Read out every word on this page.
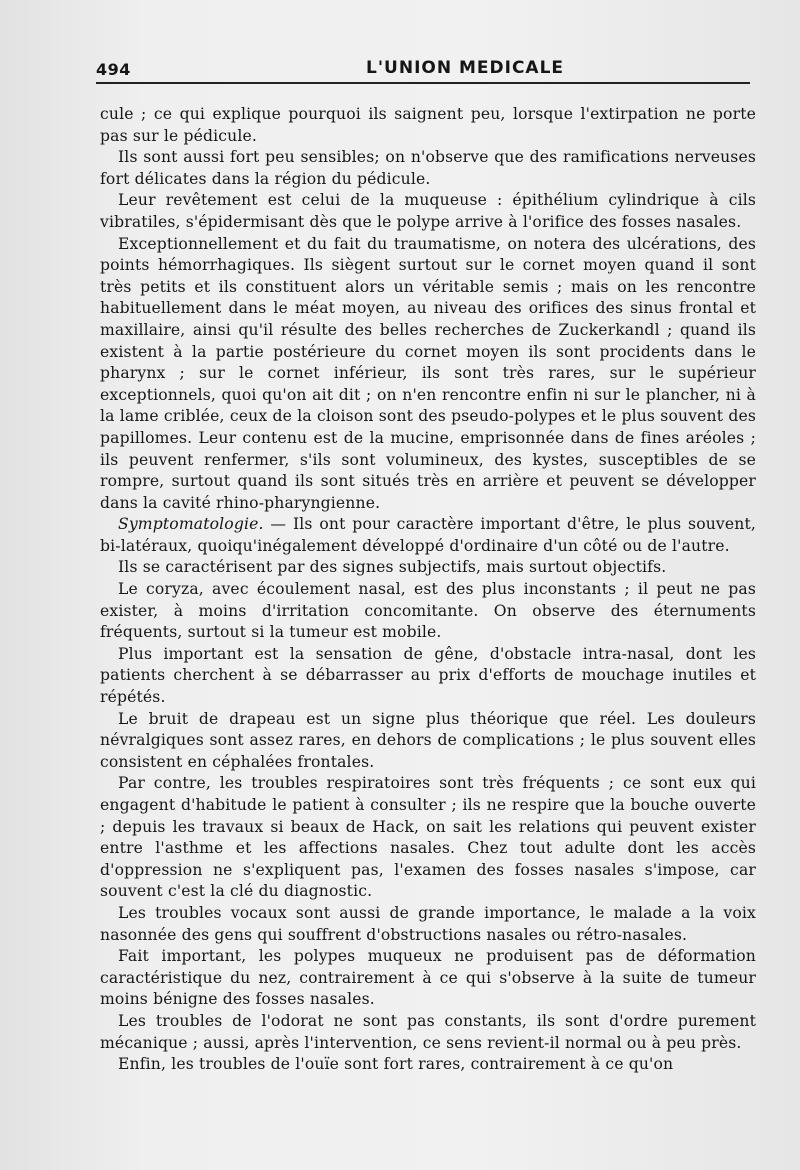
494	L'UNION MEDICALE

cule ; ce qui explique pourquoi ils saignent peu, lorsque l'extirpation ne porte pas sur le pédicule.

Ils sont aussi fort peu sensibles; on n'observe que des ramifications nerveuses fort délicates dans la région du pédicule.

Leur revêtement est celui de la muqueuse : épithélium cylindrique à cils vibratiles, s'épidermisant dès que le polype arrive à l'orifice des fosses nasales.

Exceptionnellement et du fait du traumatisme, on notera des ulcérations, des points hémorrhagiques. Ils siègent surtout sur le cornet moyen quand il sont très petits et ils constituent alors un véritable semis ; mais on les rencontre habituellement dans le méat moyen, au niveau des orifices des sinus frontal et maxillaire, ainsi qu'il résulte des belles recherches de Zuckerkandl ; quand ils existent à la partie postérieure du cornet moyen ils sont procidents dans le pharynx ; sur le cornet inférieur, ils sont très rares, sur le supérieur exceptionnels, quoi qu'on ait dit ; on n'en rencontre enfin ni sur le plancher, ni à la lame criblée, ceux de la cloison sont des pseudo-polypes et le plus souvent des papillomes. Leur contenu est de la mucine, emprisonnée dans de fines aréoles ; ils peuvent renfermer, s'ils sont volumineux, des kystes, susceptibles de se rompre, surtout quand ils sont situés très en arrière et peuvent se développer dans la cavité rhino-pharyngienne.

Symptomatologie. — Ils ont pour caractère important d'être, le plus souvent, bi-latéraux, quoiqu'inégalement développé d'ordinaire d'un côté ou de l'autre.

Ils se caractérisent par des signes subjectifs, mais surtout objectifs.

Le coryza, avec écoulement nasal, est des plus inconstants ; il peut ne pas exister, à moins d'irritation concomitante. On observe des éternuments fréquents, surtout si la tumeur est mobile.

Plus important est la sensation de gêne, d'obstacle intra-nasal, dont les patients cherchent à se débarrasser au prix d'efforts de mouchage inutiles et répétés.

Le bruit de drapeau est un signe plus théorique que réel. Les douleurs névralgiques sont assez rares, en dehors de complications ; le plus souvent elles consistent en céphalées frontales.

Par contre, les troubles respiratoires sont très fréquents ; ce sont eux qui engagent d'habitude le patient à consulter ; ils ne respire que la bouche ouverte ; depuis les travaux si beaux de Hack, on sait les relations qui peuvent exister entre l'asthme et les affections nasales. Chez tout adulte dont les accès d'oppression ne s'expliquent pas, l'examen des fosses nasales s'impose, car souvent c'est la clé du diagnostic.

Les troubles vocaux sont aussi de grande importance, le malade a la voix nasonnée des gens qui souffrent d'obstructions nasales ou rétro-nasales.

Fait important, les polypes muqueux ne produisent pas de déformation caractéristique du nez, contrairement à ce qui s'observe à la suite de tumeur moins bénigne des fosses nasales.

Les troubles de l'odorat ne sont pas constants, ils sont d'ordre purement mécanique ; aussi, après l'intervention, ce sens revient-il normal ou à peu près.

Enfin, les troubles de l'ouïe sont fort rares, contrairement à ce qu'on
